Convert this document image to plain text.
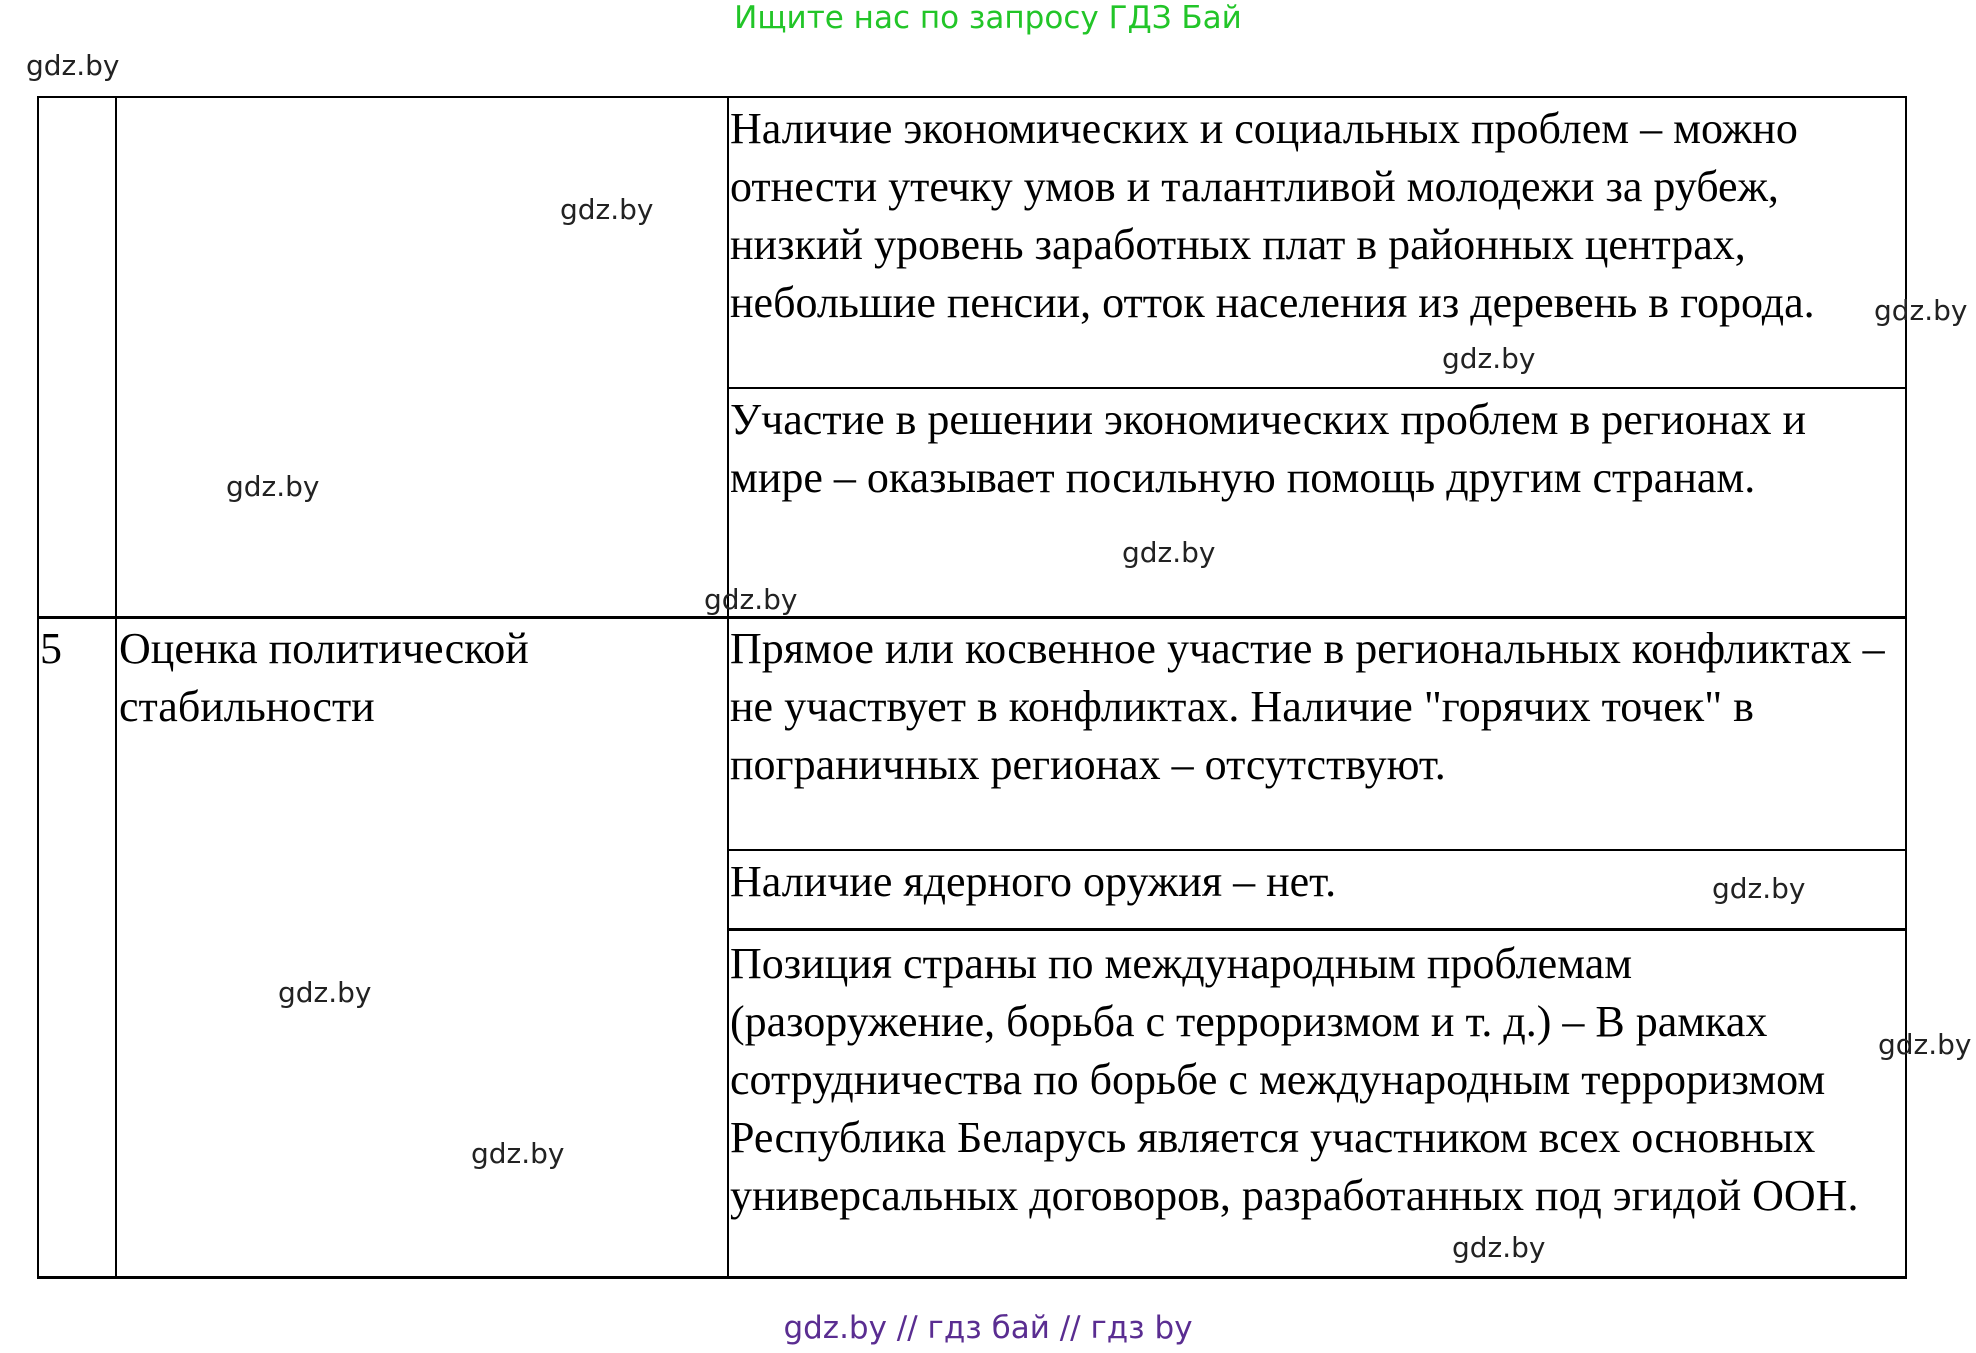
Ищите нас по запросу ГДЗ Бай
Наличие экономических и социальных проблем – можно отнести утечку умов и талантливой молодежи за рубеж, низкий уровень заработных плат в районных центрах, небольшие пенсии, отток населения из деревень в города.
Участие в решении экономических проблем в регионах и мире – оказывает посильную помощь другим странам.
5	Оценка политической стабильности
Прямое или косвенное участие в региональных конфликтах – не участвует в конфликтах. Наличие "горячих точек" в пограничных регионах – отсутствуют.
Наличие ядерного оружия – нет.
Позиция страны по международным проблемам (разоружение, борьба с терроризмом и т. д.) – В рамках сотрудничества по борьбе с международным терроризмом Республика Беларусь является участником всех основных универсальных договоров, разработанных под эгидой ООН.
gdz.by
gdz.by
gdz.by
gdz.by
gdz.by
gdz.by
gdz.by
gdz.by
gdz.by
gdz.by
gdz.by
gdz.by
gdz.by // гдз бай // гдз by
